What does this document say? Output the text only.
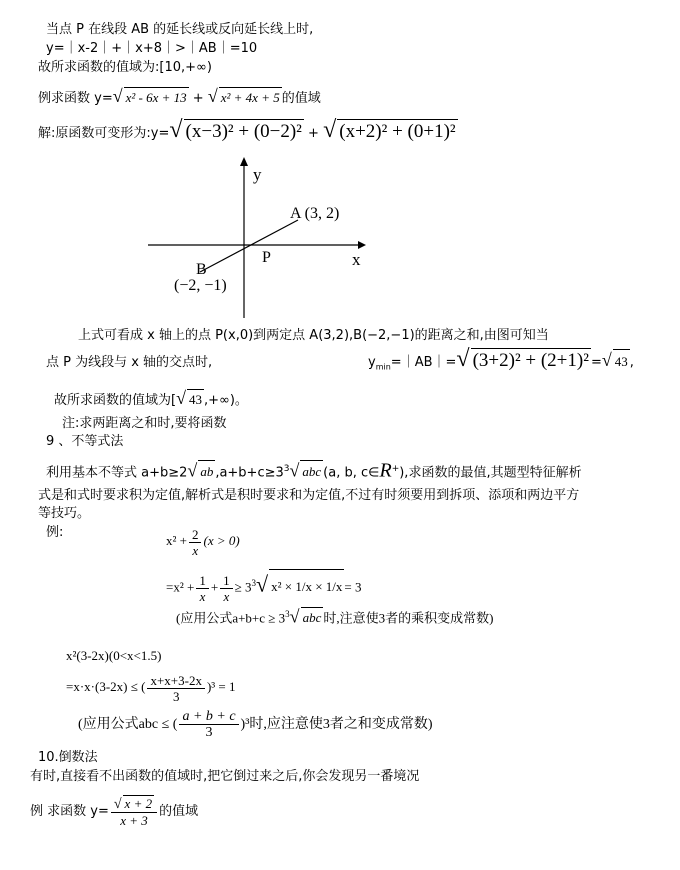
当点 P 在线段 AB 的延长线或反向延长线上时,
y=｜x-2｜+｜x+8｜>｜AB｜=10
故所求函数的值域为:[10,+∞)
例求函数 y=√ x² - 6x + 13 + √ x² + 4x + 5 的值域
解:原函数可变形为:y=√ (x−3)² + (0−2)² + √ (x+2)² + (0+1)²
y
x
A (3, 2)
B
(−2, −1)
P
上式可看成 x 轴上的点 P(x,0)到两定点 A(3,2),B(−2,−1)的距离之和,由图可知当
点 P 为线段与 x 轴的交点时,	$y_{min}=|AB|=√$ (3+2)² + (2+1)² =√ 43 ,
故所求函数的值域为[√ 43 ,+∞)。
注:求两距离之和时,要将函数
9 、不等式法
利用基本不等式 a+b≥2√ ab $,a+b+c\ge 3^3√$ abc (a, b, c∈R+),求函数的最值,其题型特征解析
式是和式时要求积为定值,解析式是积时要求和为定值,不过有时须要用到拆项、添项和两边平方
等技巧。
例:
$x^2 + \frac{2}{x} (x > 0)$
$=x^2 + \frac{1}{x} + \frac{1}{x} \ge 3^3√$ x² × 1/x × 1/x = 3
(应用公式$a+b+c \ge 3^3√$ abc 时,注意使3者的乘积变成常数)
x²(3-2x)(0<x<1.5)
=x·x·(3-2x) ≤ ( $\frac{x+x+3-2x}{3} )^3 = 1$
(应用公式abc ≤ ( $\frac{a + b + c}{3} )^3$时,应注意使3者之和变成常数)
10.倒数法
有时,直接看不出函数的值域时,把它倒过来之后,你会发现另一番境况
例 求函数 $y= \frac{√ x + 2}{x + 3}$ 的值域
